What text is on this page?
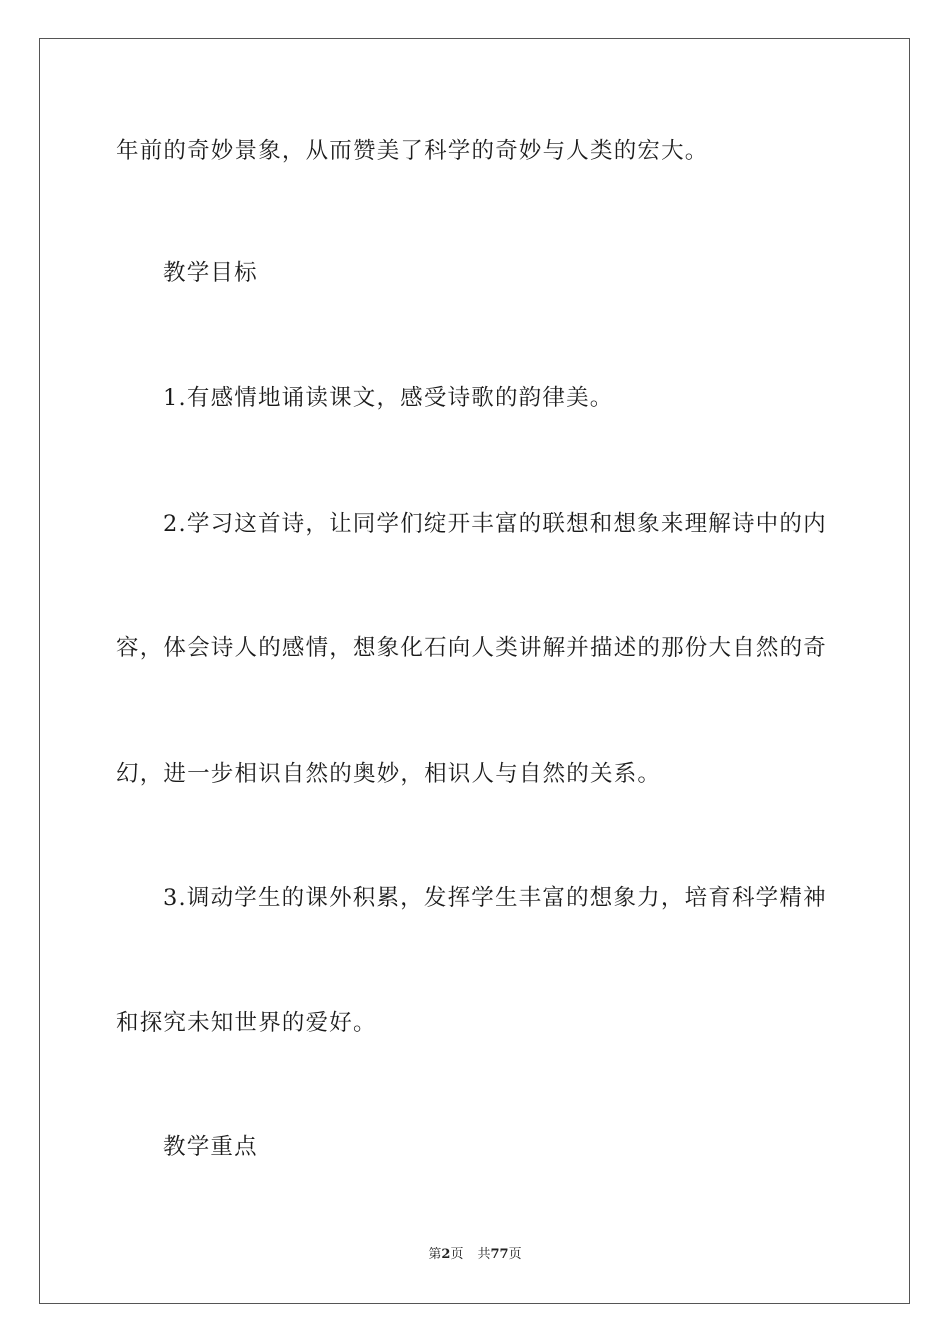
年前的奇妙景象，从而赞美了科学的奇妙与人类的宏大。
教学目标
1.有感情地诵读课文，感受诗歌的韵律美。
2.学习这首诗，让同学们绽开丰富的联想和想象来理解诗中的内
容，体会诗人的感情，想象化石向人类讲解并描述的那份大自然的奇
幻，进一步相识自然的奥妙，相识人与自然的关系。
3.调动学生的课外积累，发挥学生丰富的想象力，培育科学精神
和探究未知世界的爱好。
教学重点
第2页 共77页
